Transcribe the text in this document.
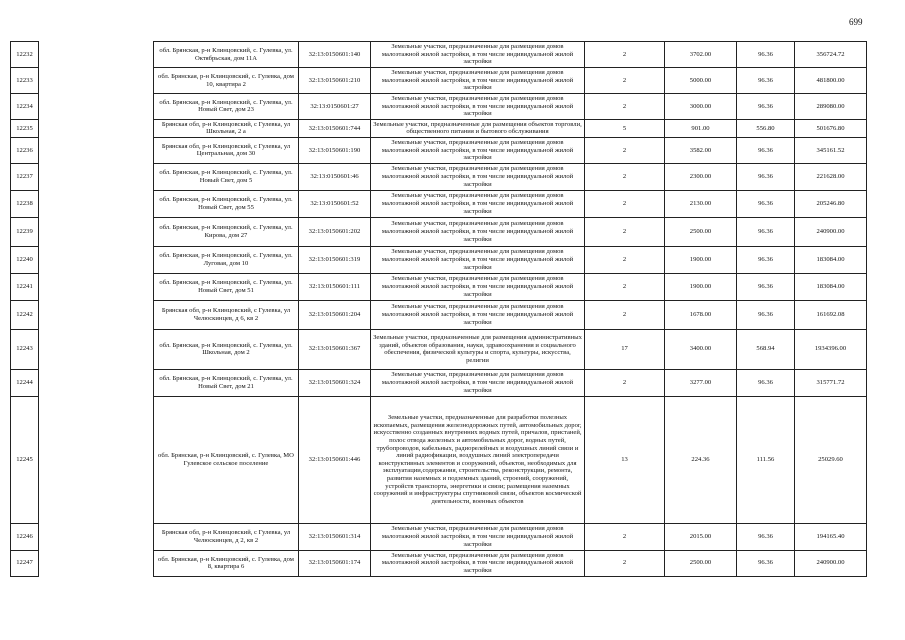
699
12232		обл. Брянская, р-н Клинцовский, с. Гулевка, ул. Октябрьская, дом 11А	32:13:0150601:140	Земельные участки, предназначенные для размещения домов малоэтажной жилой застройки, в том числе индивидуальной жилой застройки	2	3702.00	96.36	356724.72
12233		обл. Брянская, р-н Клинцовский, с. Гулевка, дом 10, квартира 2	32:13:0150601:210	Земельные участки, предназначенные для размещения домов малоэтажной жилой застройки, в том числе индивидуальной жилой застройки	2	5000.00	96.36	481800.00
12234		обл. Брянская, р-н Клинцовский, с. Гулевка, ул. Новый Свет, дом 23	32:13:0150601:27	Земельные участки, предназначенные для размещения домов малоэтажной жилой застройки, в том числе индивидуальной жилой застройки	2	3000.00	96.36	289080.00
12235		Брянская обл, р-н Клинцовский, с Гулевка, ул Школьная, 2 а	32:13:0150601:744	Земельные участки, предназначенные для размещения объектов торговли, общественного питания и бытового обслуживания	5	901.00	556.80	501676.80
12236		Брянская обл, р-н Клинцовский, с Гулевка, ул Центральная, дом 30	32:13:0150601:190	Земельные участки, предназначенные для размещения домов малоэтажной жилой застройки, в том числе индивидуальной жилой застройки	2	3582.00	96.36	345161.52
12237		обл. Брянская, р-н Клинцовский, с. Гулевка, ул. Новый Свет, дом 5	32:13:0150601:46	Земельные участки, предназначенные для размещения домов малоэтажной жилой застройки, в том числе индивидуальной жилой застройки	2	2300.00	96.36	221628.00
12238		обл. Брянская, р-н Клинцовский, с. Гулевка, ул. Новый Свет, дом 55	32:13:0150601:52	Земельные участки, предназначенные для размещения домов малоэтажной жилой застройки, в том числе индивидуальной жилой застройки	2	2130.00	96.36	205246.80
12239		обл. Брянская, р-н Клинцовский, с. Гулевка, ул. Кирова, дом 27	32:13:0150601:202	Земельные участки, предназначенные для размещения домов малоэтажной жилой застройки, в том числе индивидуальной жилой застройки	2	2500.00	96.36	240900.00
12240		обл. Брянская, р-н Клинцовский, с. Гулевка, ул. Луговая, дом 10	32:13:0150601:319	Земельные участки, предназначенные для размещения домов малоэтажной жилой застройки, в том числе индивидуальной жилой застройки	2	1900.00	96.36	183084.00
12241		обл. Брянская, р-н Клинцовский, с. Гулевка, ул. Новый Свет, дом 51	32:13:0150601:111	Земельные участки, предназначенные для размещения домов малоэтажной жилой застройки, в том числе индивидуальной жилой застройки	2	1900.00	96.36	183084.00
12242		Брянская обл, р-н Клинцовский, с Гулевка, ул Челюскинцев, д 6, кв 2	32:13:0150601:204	Земельные участки, предназначенные для размещения домов малоэтажной жилой застройки, в том числе индивидуальной жилой застройки	2	1678.00	96.36	161692.08
12243		обл. Брянская, р-н Клинцовский, с. Гулевка, ул. Школьная, дом 2	32:13:0150601:367	Земельные участки, предназначенные для размещения административных зданий, объектов образования, науки, здравоохранения и социального обеспечения, физической культуры и спорта, культуры, искусства, религии	17	3400.00	568.94	1934396.00
12244		обл. Брянская, р-н Клинцовский, с. Гулевка, ул. Новый Свет, дом 21	32:13:0150601:324	Земельные участки, предназначенные для размещения домов малоэтажной жилой застройки, в том числе индивидуальной жилой застройки	2	3277.00	96.36	315771.72
12245		обл. Брянская, р-н Клинцовский, с. Гулевка, МО Гулевское сельское поселение	32:13:0150601:446	Земельные участки, предназначенные для разработки полезных ископаемых, размещения железнодорожных путей, автомобильных дорог, искусственно созданных внутренних водных путей, причалов, пристаней, полос отвода железных и автомобильных дорог, водных путей, трубопроводов, кабельных, радиорелейных и воздушных линий связи и линий радиофикации, воздушных линий электропередачи конструктивных элементов и сооружений, объектов, необходимых для эксплуатации,содержания, строительства, реконструкции, ремонта, развития наземных и подземных зданий, строений, сооружений, устройств транспорта, энергетики и связи; размещения наземных сооружений и инфраструктуры спутниковой связи, объектов космической деятельности, военных объектов	13	224.36	111.56	25029.60
12246		Брянская обл, р-н Клинцовский, с Гулевка, ул Челюскинцев, д 2, кв 2	32:13:0150601:314	Земельные участки, предназначенные для размещения домов малоэтажной жилой застройки, в том числе индивидуальной жилой застройки	2	2015.00	96.36	194165.40
12247		обл. Брянская, р-н Клинцовский, с. Гулевка, дом 8, квартира 6	32:13:0150601:174	Земельные участки, предназначенные для размещения домов малоэтажной жилой застройки, в том числе индивидуальной жилой застройки	2	2500.00	96.36	240900.00
